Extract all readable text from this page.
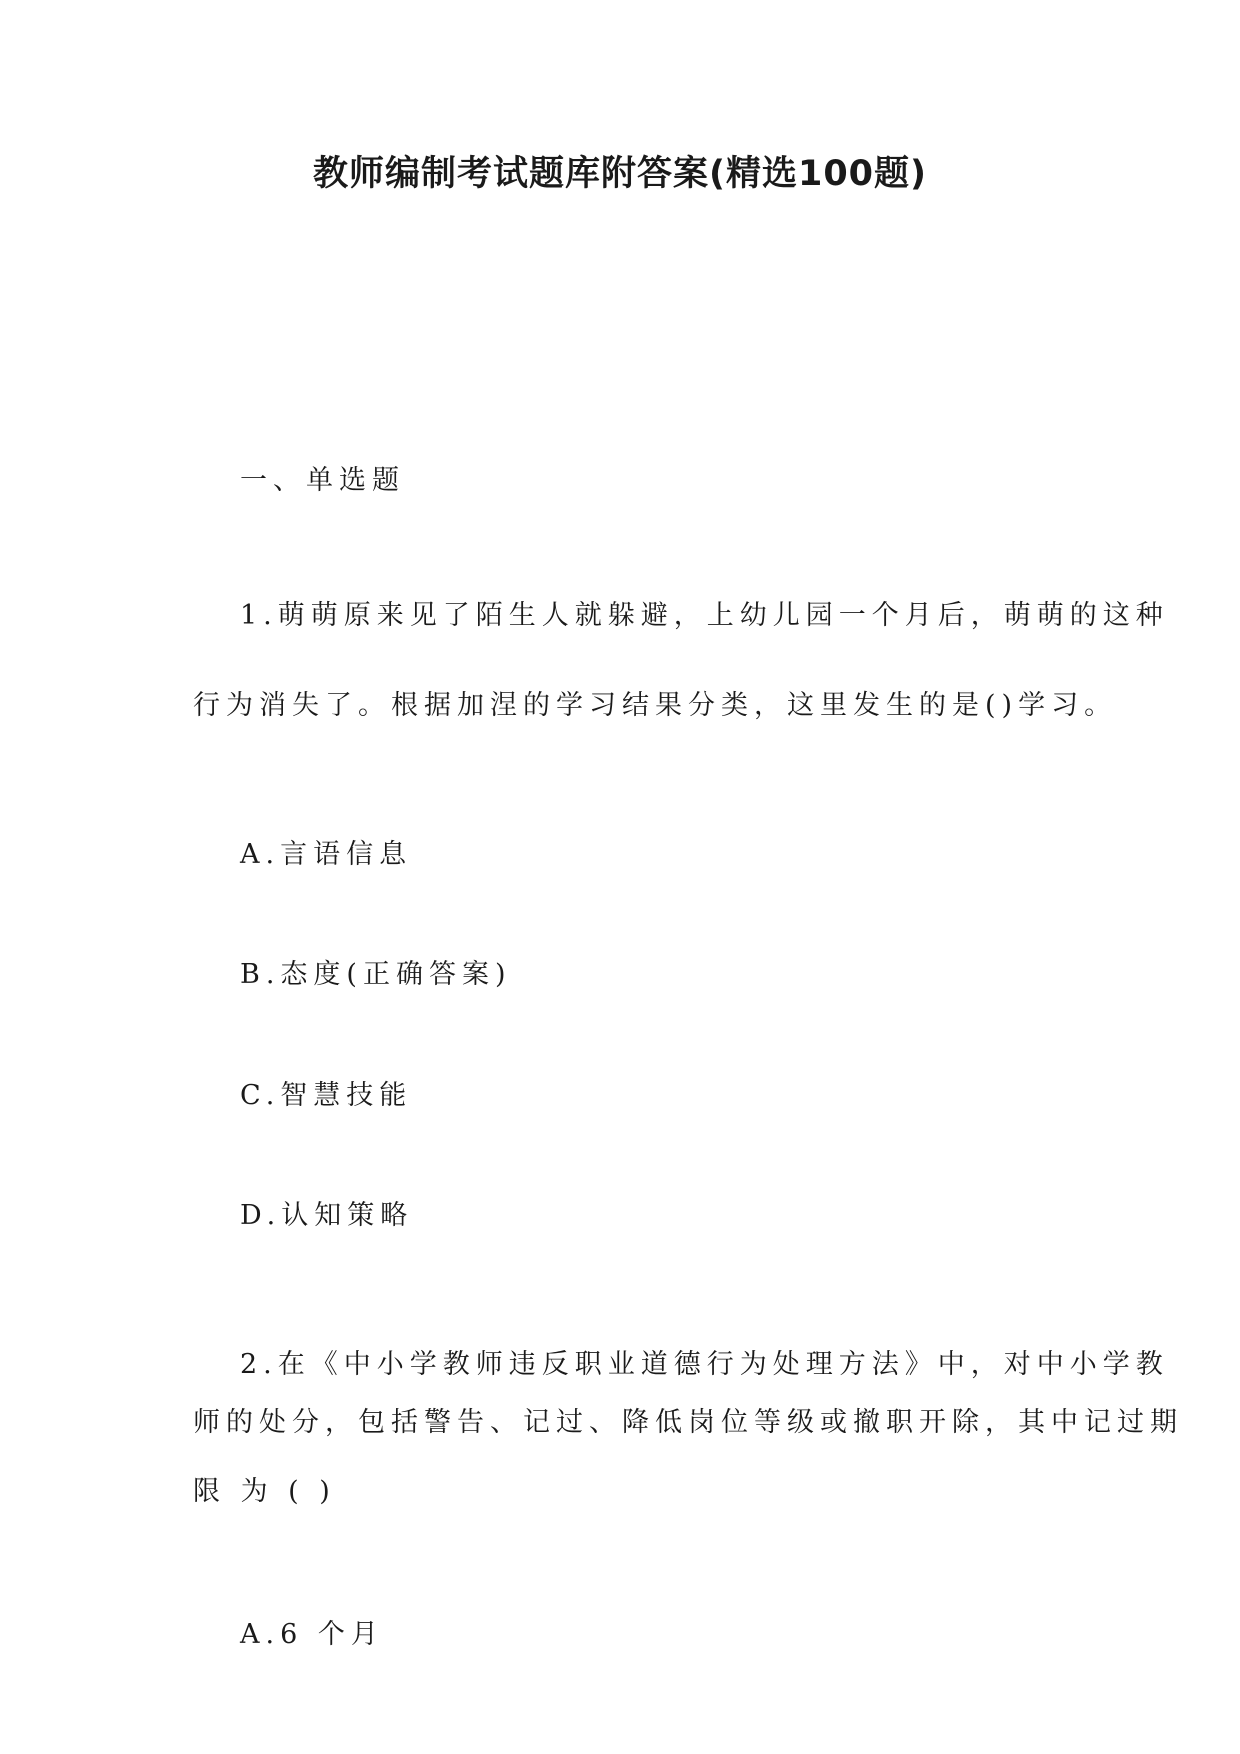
教师编制考试题库附答案(精选100题)
一、单选题
1.萌萌原来见了陌生人就躲避，上幼儿园一个月后，萌萌的这种
行为消失了。根据加涅的学习结果分类，这里发生的是()学习。
A.言语信息
B.态度(正确答案)
C.智慧技能
D.认知策略
2.在《中小学教师违反职业道德行为处理方法》中，对中小学教
师的处分，包括警告、记过、降低岗位等级或撤职开除，其中记过期
限 为 ( )
A.6 个月
